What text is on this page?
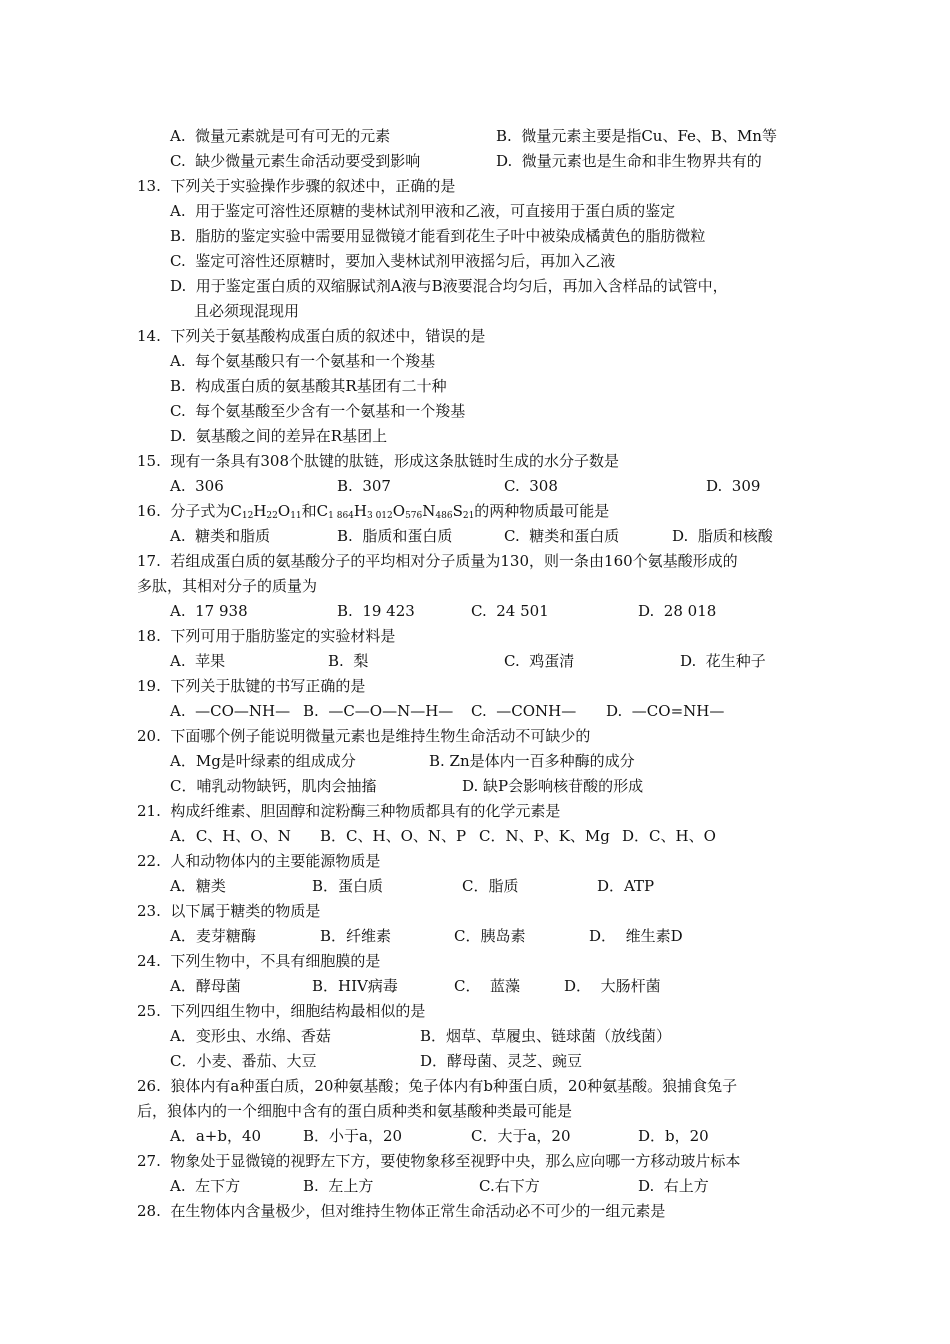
A.  微量元素就是可有可无的元素	B.  微量元素主要是指Cu、Fe、B、Mn等
C.  缺少微量元素生命活动要受到影响	D.  微量元素也是生命和非生物界共有的
13.  下列关于实验操作步骤的叙述中，正确的是
A.  用于鉴定可溶性还原糖的斐林试剂甲液和乙液，可直接用于蛋白质的鉴定
B.  脂肪的鉴定实验中需要用显微镜才能看到花生子叶中被染成橘黄色的脂肪微粒
C.  鉴定可溶性还原糖时，要加入斐林试剂甲液摇匀后，再加入乙液
D.  用于鉴定蛋白质的双缩脲试剂A液与B液要混合均匀后，再加入含样品的试管中，
且必须现混现用
14.  下列关于氨基酸构成蛋白质的叙述中，错误的是
A.  每个氨基酸只有一个氨基和一个羧基
B.  构成蛋白质的氨基酸其R基团有二十种
C.  每个氨基酸至少含有一个氨基和一个羧基
D.  氨基酸之间的差异在R基团上
15.  现有一条具有308个肽键的肽链，形成这条肽链时生成的水分子数是
A.  306	B.  307	C.  308	D.  309
16.  分子式为$C_{12}H_{22}O_{11}$和$C_{1 864}H_{3 012}O_{576}N_{486}S_{21}$的两种物质最可能是
A.  糖类和脂质	B.  脂质和蛋白质	C.  糖类和蛋白质	D.  脂质和核酸
17.  若组成蛋白质的氨基酸分子的平均相对分子质量为130，则一条由160个氨基酸形成的
多肽，其相对分子的质量为
A.  17 938	B.  19 423	C.  24 501	D.  28 018
18.  下列可用于脂肪鉴定的实验材料是
A.  苹果	B.  梨	C.  鸡蛋清	D.  花生种子
19.  下列关于肽键的书写正确的是
A.  —CO—NH— B.  —C—O—N—H— C.  —CONH— D.  —CO=NH—
20.  下面哪个例子能说明微量元素也是维持生物生命活动不可缺少的
A．Mg是叶绿素的组成成分	B. Zn是体内一百多种酶的成分
C．哺乳动物缺钙，肌肉会抽搐	D. 缺P会影响核苷酸的形成
21.  构成纤维素、胆固醇和淀粉酶三种物质都具有的化学元素是
A．C、H、O、N B．C、H、O、N、P C．N、P、K、Mg D．C、H、O
22.  人和动物体内的主要能源物质是
A．糖类	B．蛋白质	C．脂质	D．ATP
23.  以下属于糖类的物质是
A．麦芽糖酶	B．纤维素	C．胰岛素	D．  维生素D
24.  下列生物中，不具有细胞膜的是
A．酵母菌	B．HIV病毒	C．  蓝藻	D．  大肠杆菌
25.  下列四组生物中，细胞结构最相似的是
A．变形虫、水绵、香菇	B．烟草、草履虫、链球菌（放线菌）
C．小麦、番茄、大豆	D．酵母菌、灵芝、豌豆
26.  狼体内有a种蛋白质，20种氨基酸；兔子体内有b种蛋白质，20种氨基酸。狼捕食兔子
后，狼体内的一个细胞中含有的蛋白质种类和氨基酸种类最可能是
A．a+b，40	B．小于a，20	C．大于a，20	D．b，20
27.  物象处于显微镜的视野左下方，要使物象移至视野中央，那么应向哪一方移动玻片标本
A.  左下方	B.  左上方	C.右下方	D.  右上方
28.  在生物体内含量极少，但对维持生物体正常生命活动必不可少的一组元素是
